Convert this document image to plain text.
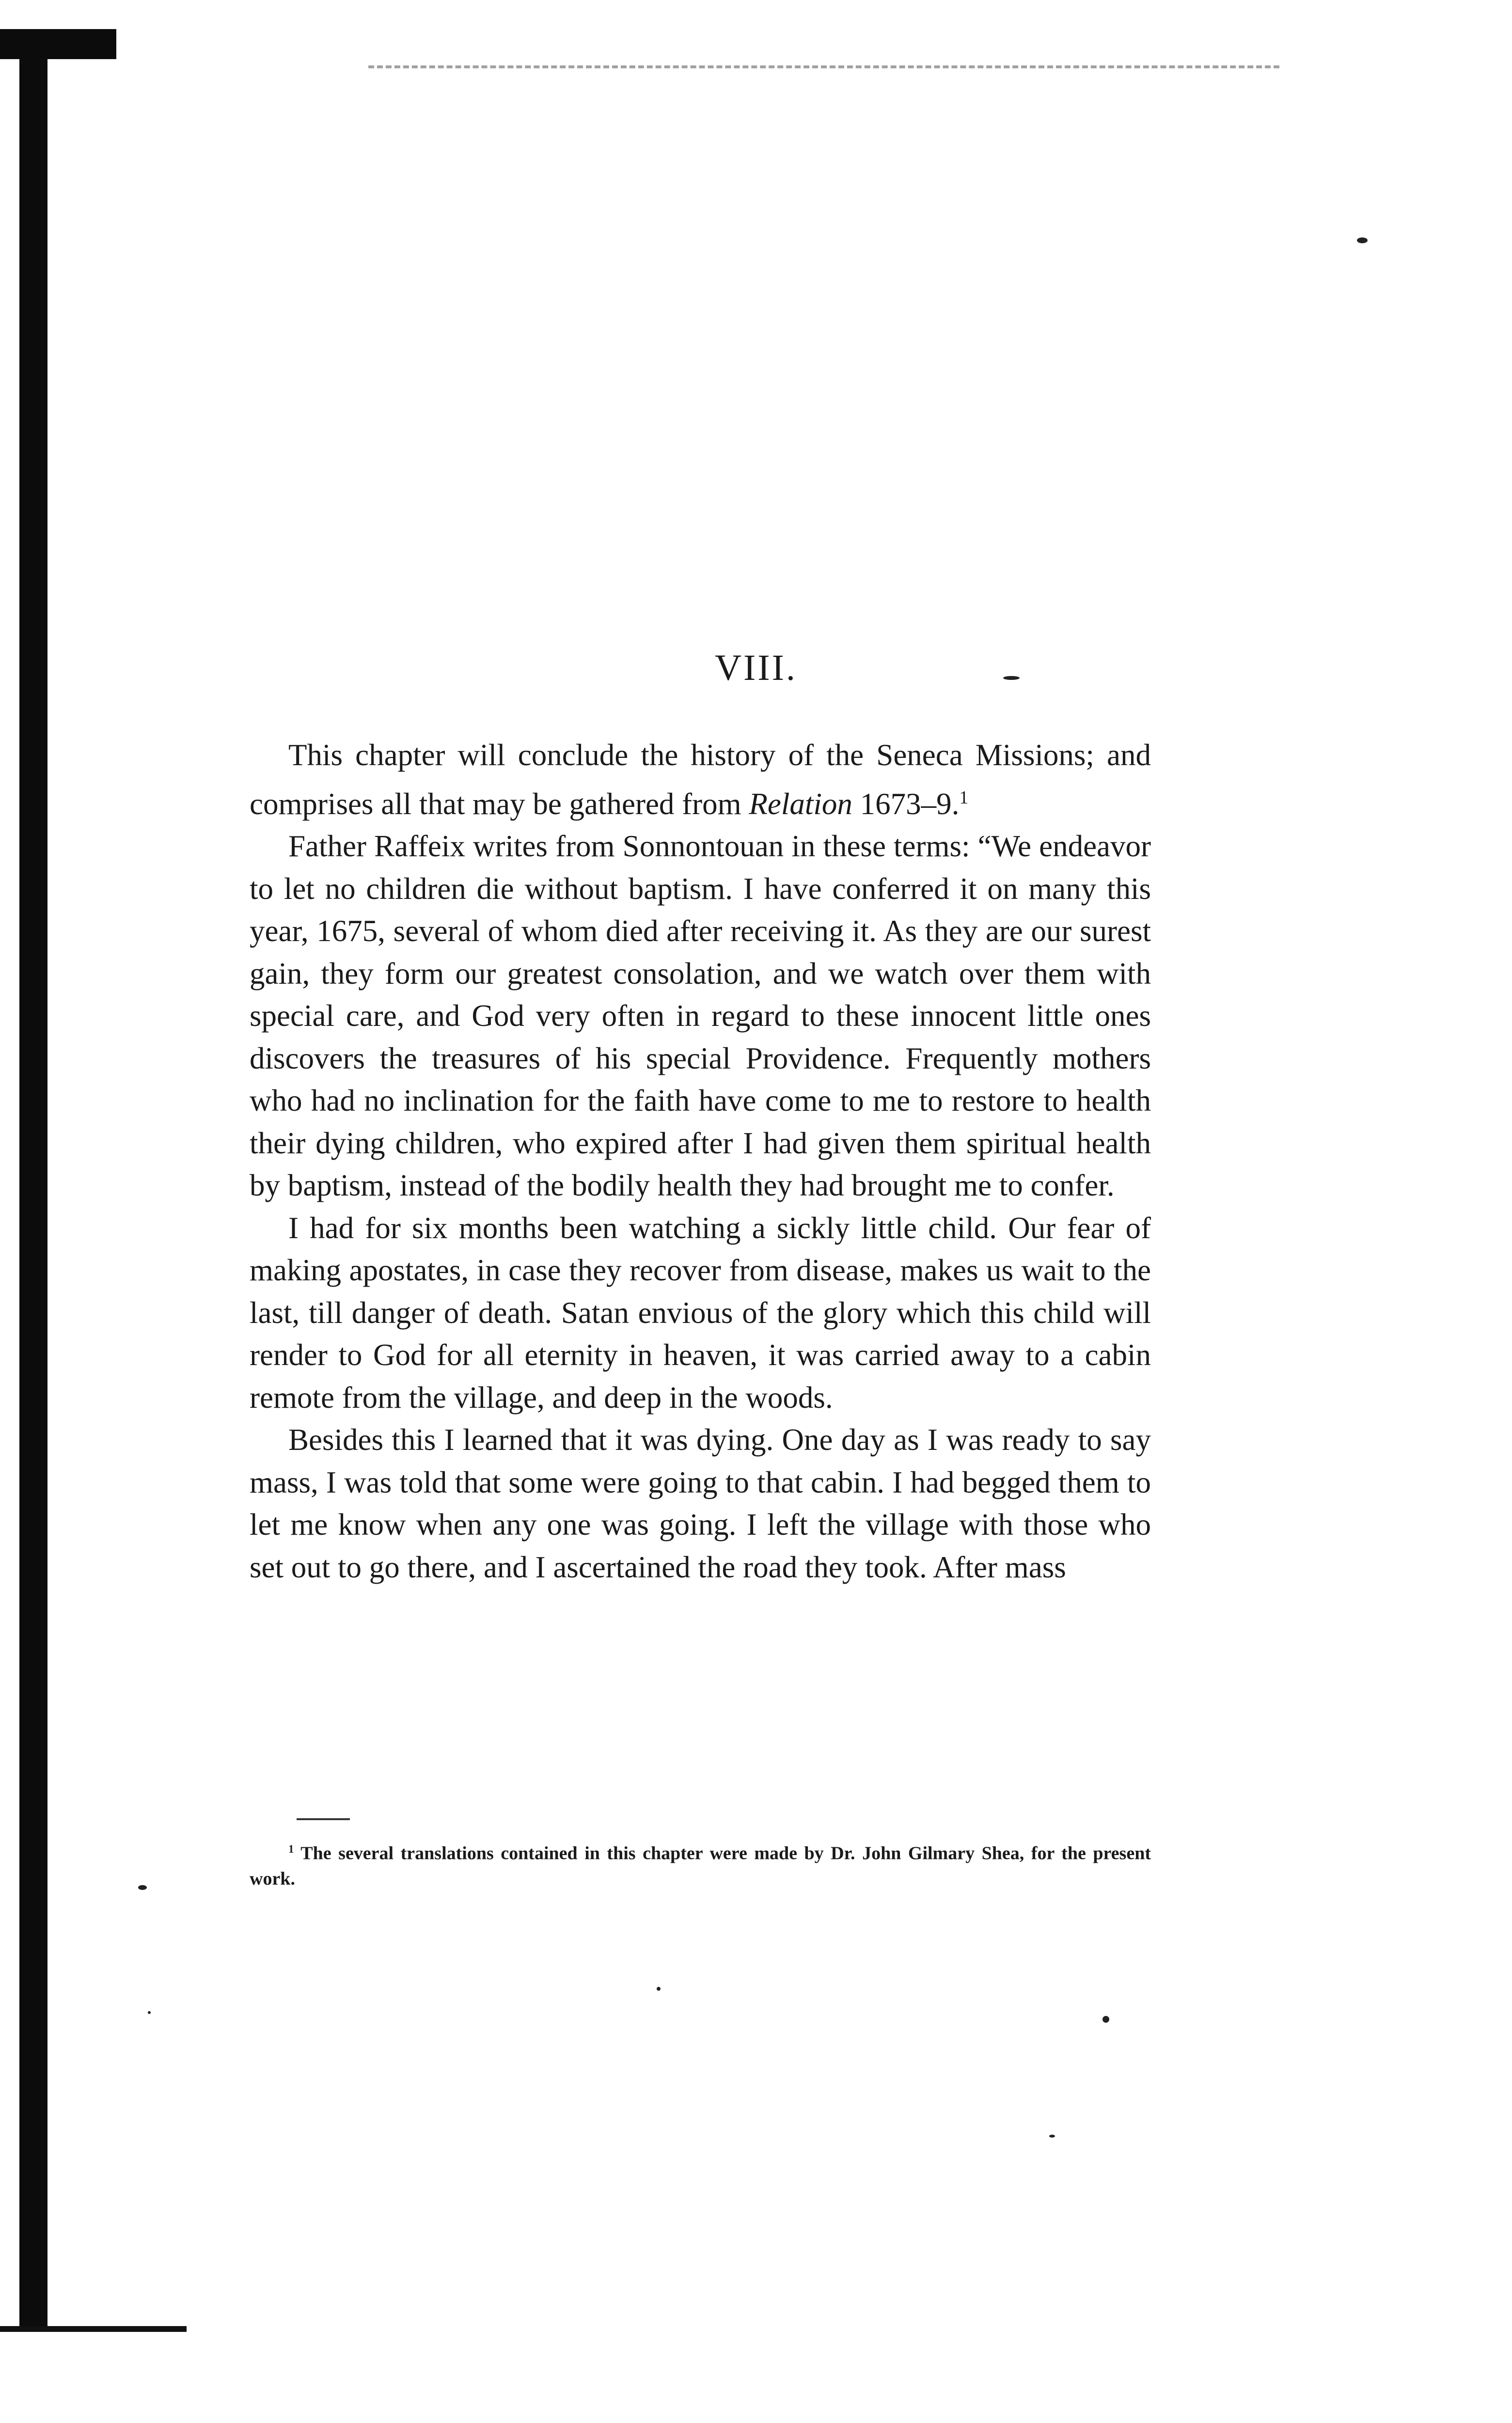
VIII.

This chapter will conclude the history of the Seneca Missions; and comprises all that may be gathered from Relation 1673–9.$^1$

Father Raffeix writes from Sonnontouan in these terms: “We endeavor to let no children die without baptism. I have conferred it on many this year, 1675, several of whom died after receiving it. As they are our surest gain, they form our greatest consolation, and we watch over them with special care, and God very often in regard to these innocent little ones discovers the treasures of his special Providence. Frequently mothers who had no inclination for the faith have come to me to restore to health their dying children, who expired after I had given them spiritual health by baptism, instead of the bodily health they had brought me to confer.

I had for six months been watching a sickly little child. Our fear of making apostates, in case they recover from disease, makes us wait to the last, till danger of death. Satan envious of the glory which this child will render to God for all eternity in heaven, it was carried away to a cabin remote from the village, and deep in the woods.

Besides this I learned that it was dying. One day as I was ready to say mass, I was told that some were going to that cabin. I had begged them to let me know when any one was going. I left the village with those who set out to go there, and I ascertained the road they took. After mass

$^1$ The several translations contained in this chapter were made by Dr. John Gilmary Shea, for the present work.
